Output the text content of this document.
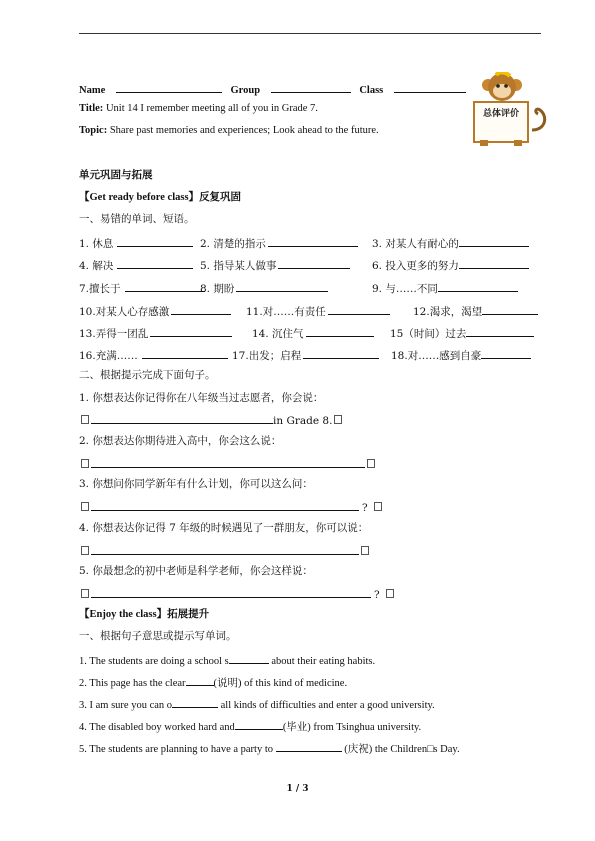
Name	Group	Class
Title: Unit 14 I remember meeting all of you in Grade 7.
Topic: Share past memories and experiences; Look ahead to the future.
总体评价
单元巩固与拓展
【Get ready before class】反复巩固
一、易错的单词、短语。
1. 休息	2. 清楚的指示	3. 对某人有耐心的
4. 解决	5. 指导某人做事	6. 投入更多的努力
7.擅长于	8. 期盼	9. 与……不同
10.对某人心存感激	11.对……有责任	12.渴求，渴望
13.弄得一团乱	14. 沉住气	15（时间）过去
16.充满……	17.出发；启程	18.对……感到自豪
二、根据提示完成下面句子。
1. 你想表达你记得你在八年级当过志愿者，你会说：
in Grade 8.
2. 你想表达你期待进入高中，你会这么说：
3. 你想问你同学新年有什么计划，你可以这么问：
?
4. 你想表达你记得 7 年级的时候遇见了一群朋友，你可以说：
5. 你最想念的初中老师是科学老师，你会这样说：
?
【Enjoy the class】拓展提升
一、根据句子意思或提示写单词。
1. The students are doing a school s	about their eating habits.
2. This page has the clear	(说明) of this kind of medicine.
3. I am sure you can o	all kinds of difficulties and enter a good university.
4. The disabled boy worked hard and	(毕业) from Tsinghua university.
5. The students are planning to have a party to	(庆祝) the Children□s Day.
1 / 3
